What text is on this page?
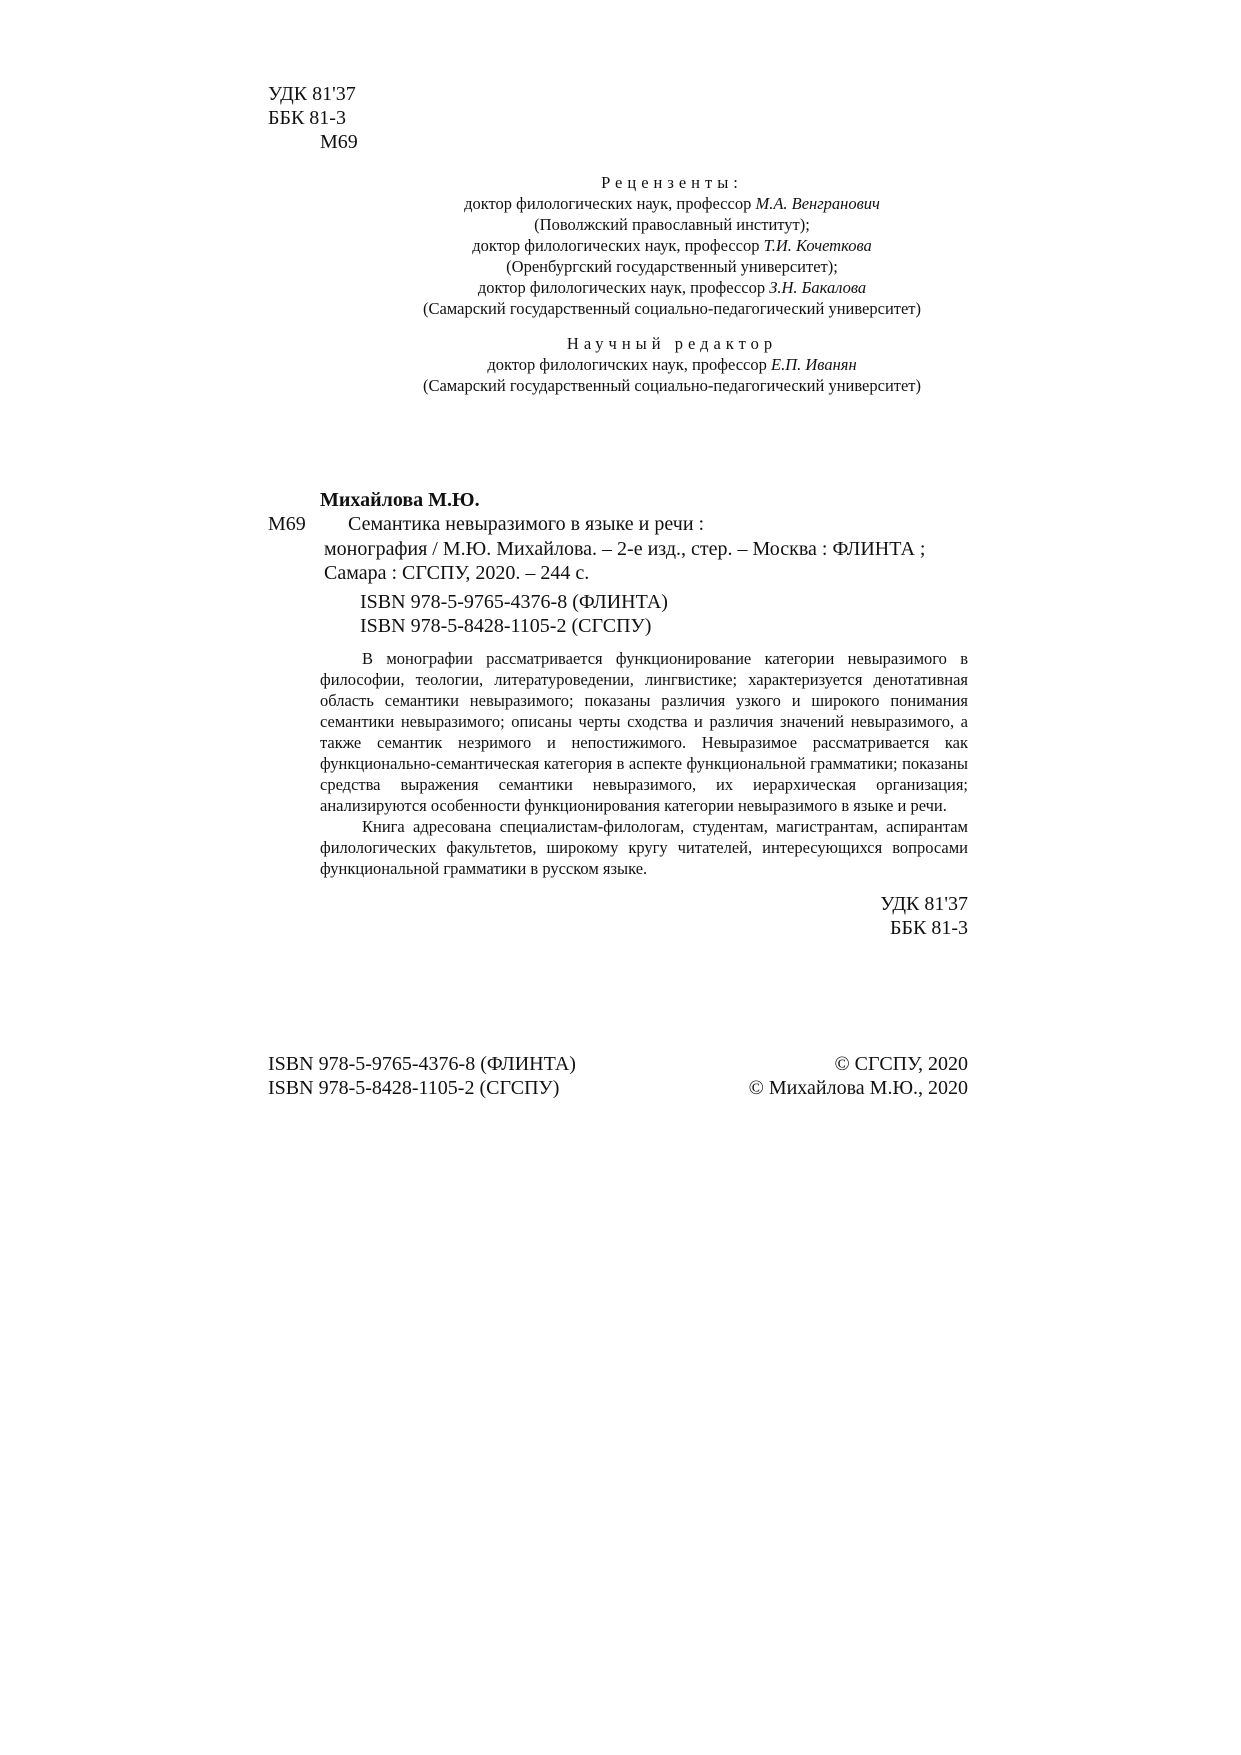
УДК 81'37
ББК 81-3
М69
Рецензенты:
доктор филологических наук, профессор М.А. Венгранович
(Поволжский православный институт);
доктор филологических наук, профессор Т.И. Кочеткова
(Оренбургский государственный университет);
доктор филологических наук, профессор З.Н. Бакалова
(Самарский государственный социально-педагогический университет)
Научный редактор
доктор филологичских наук, профессор Е.П. Иванян
(Самарский государственный социально-педагогический университет)
Михайлова М.Ю.
М69 Семантика невыразимого в языке и речи :
монография / М.Ю. Михайлова. – 2-е изд., стер. – Москва : ФЛИНТА ;
Самара : СГСПУ, 2020. – 244 с.
ISBN 978-5-9765-4376-8 (ФЛИНТА)
ISBN 978-5-8428-1105-2 (СГСПУ)

В монографии рассматривается функционирование категории невыразимого в философии, теологии, литературоведении, лингвистике; характеризуется денотативная область семантики невыразимого; показаны различия узкого и широкого понимания семантики невыразимого; описаны черты сходства и различия значений невыразимого, а также семантик незримого и непостижимого. Невыразимое рассматривается как функционально-семантическая категория в аспекте функциональной грамматики; показаны средства выражения семантики невыразимого, их иерархическая организация; анализируются особенности функционирования категории невыразимого в языке и речи.

Книга адресована специалистам-филологам, студентам, магистрантам, аспирантам филологических факультетов, широкому кругу читателей, интересующихся вопросами функциональной грамматики в русском языке.

УДК 81'37
ББК 81-3
ISBN 978-5-9765-4376-8 (ФЛИНТА)
ISBN 978-5-8428-1105-2 (СГСПУ)
© СГСПУ, 2020
© Михайлова М.Ю., 2020
